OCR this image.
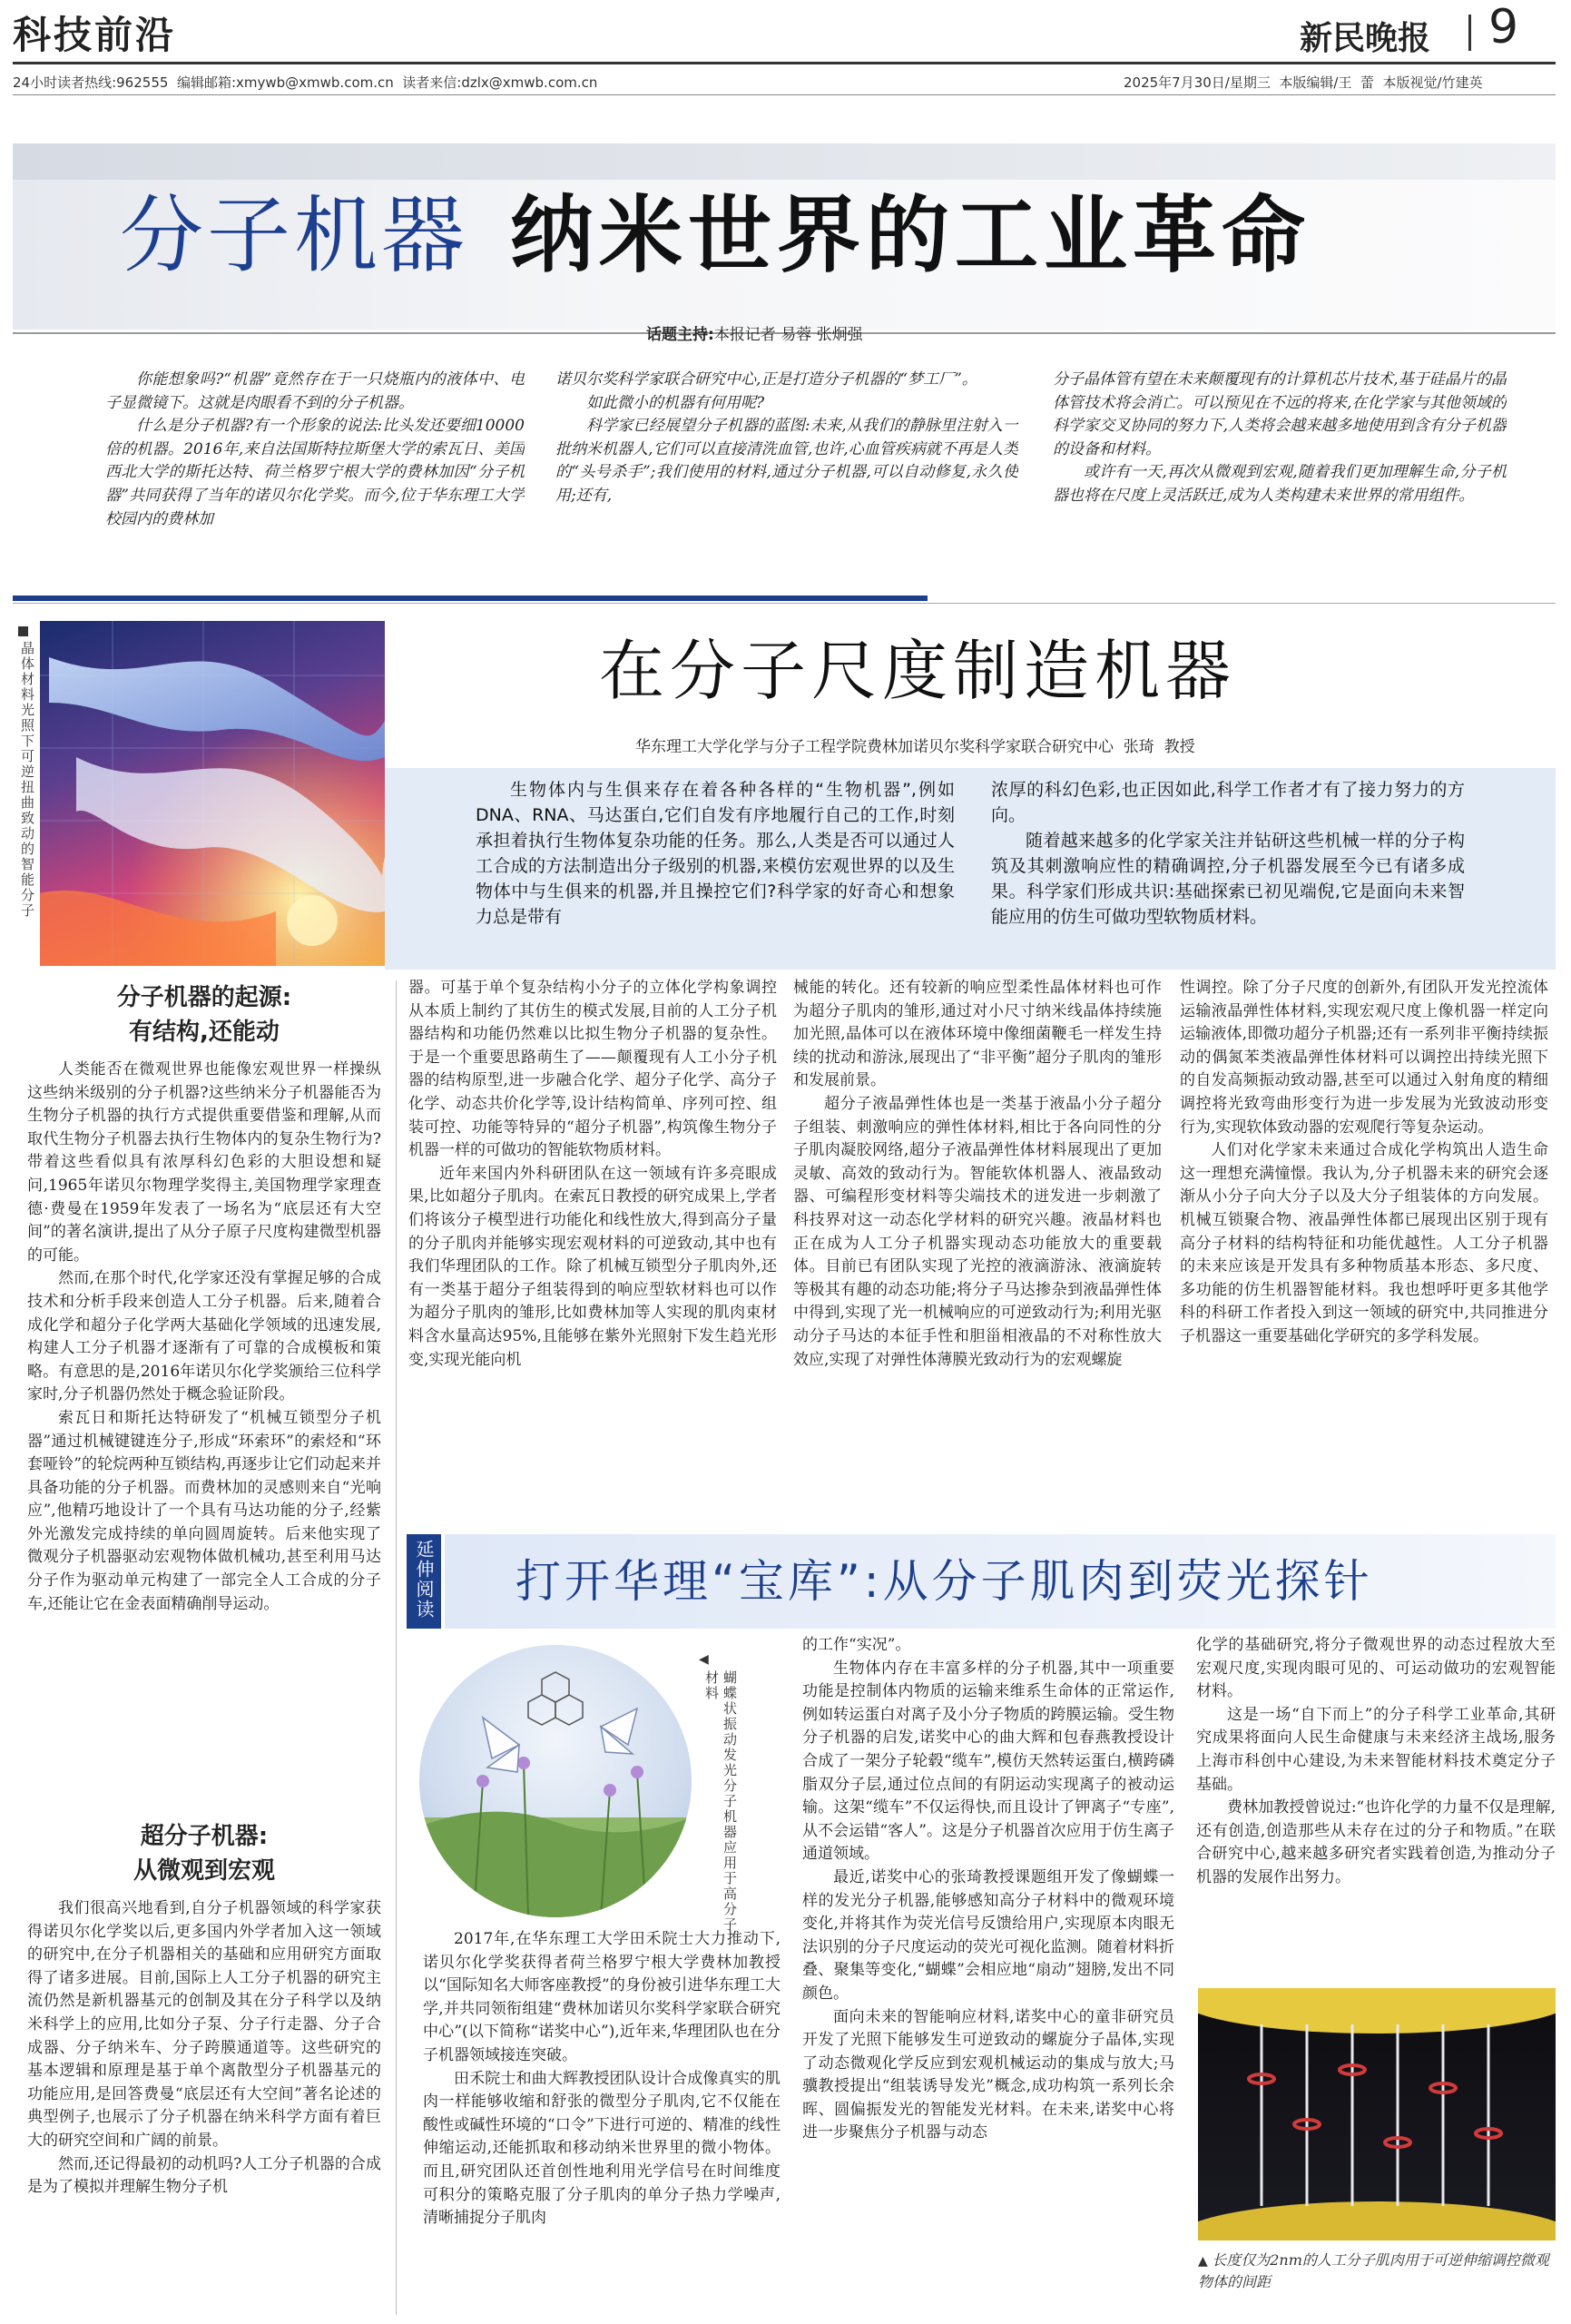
科技前沿	新民晚报 9
24小时读者热线:962555  编辑邮箱:xmywb@xmwb.com.cn  读者来信:dzlx@xmwb.com.cn	2025年7月30日/星期三  本版编辑/王  蕾  本版视觉/竹建英
分子机器 纳米世界的工业革命
话题主持:本报记者 易蓉 张炯强

你能想象吗?“机器”竟然存在于一只烧瓶内的液体中、电子显微镜下。这就是肉眼看不到的分子机器。

什么是分子机器?有一个形象的说法:比头发还要细10000倍的机器。2016年,来自法国斯特拉斯堡大学的索瓦日、美国西北大学的斯托达特、荷兰格罗宁根大学的费林加因“分子机器”共同获得了当年的诺贝尔化学奖。而今,位于华东理工大学校园内的费林加

诺贝尔奖科学家联合研究中心,正是打造分子机器的“梦工厂”。

如此微小的机器有何用呢?

科学家已经展望分子机器的蓝图:未来,从我们的静脉里注射入一批纳米机器人,它们可以直接清洗血管,也许,心血管疾病就不再是人类的“头号杀手”;我们使用的材料,通过分子机器,可以自动修复,永久使用;还有,

分子晶体管有望在未来颠覆现有的计算机芯片技术,基于硅晶片的晶体管技术将会消亡。可以预见在不远的将来,在化学家与其他领域的科学家交叉协同的努力下,人类将会越来越多地使用到含有分子机器的设备和材料。

或许有一天,再次从微观到宏观,随着我们更加理解生命,分子机器也将在尺度上灵活跃迁,成为人类构建未来世界的常用组件。

晶体材料光照下可逆扭曲致动的智能分子	在分子尺度制造机器
华东理工大学化学与分子工程学院费林加诺贝尔奖科学家联合研究中心  张琦  教授

生物体内与生俱来存在着各种各样的“生物机器”,例如DNA、RNA、马达蛋白,它们自发有序地履行自己的工作,时刻承担着执行生物体复杂功能的任务。那么,人类是否可以通过人工合成的方法制造出分子级别的机器,来模仿宏观世界的以及生物体中与生俱来的机器,并且操控它们?科学家的好奇心和想象力总是带有

浓厚的科幻色彩,也正因如此,科学工作者才有了接力努力的方向。

随着越来越多的化学家关注并钻研这些机械一样的分子构筑及其刺激响应性的精确调控,分子机器发展至今已有诸多成果。科学家们形成共识:基础探索已初见端倪,它是面向未来智能应用的仿生可做功型软物质材料。

分子机器的起源:
有结构,还能动

人类能否在微观世界也能像宏观世界一样操纵这些纳米级别的分子机器?这些纳米分子机器能否为生物分子机器的执行方式提供重要借鉴和理解,从而取代生物分子机器去执行生物体内的复杂生物行为?带着这些看似具有浓厚科幻色彩的大胆设想和疑问,1965年诺贝尔物理学奖得主,美国物理学家理查德·费曼在1959年发表了一场名为“底层还有大空间”的著名演讲,提出了从分子原子尺度构建微型机器的可能。

然而,在那个时代,化学家还没有掌握足够的合成技术和分析手段来创造人工分子机器。后来,随着合成化学和超分子化学两大基础化学领域的迅速发展,构建人工分子机器才逐渐有了可靠的合成模板和策略。有意思的是,2016年诺贝尔化学奖颁给三位科学家时,分子机器仍然处于概念验证阶段。

索瓦日和斯托达特研发了“机械互锁型分子机器”通过机械键键连分子,形成“环索环”的索烃和“环套哑铃”的轮烷两种互锁结构,再逐步让它们动起来并具备功能的分子机器。而费林加的灵感则来自“光响应”,他精巧地设计了一个具有马达功能的分子,经紫外光激发完成持续的单向圆周旋转。后来他实现了微观分子机器驱动宏观物体做机械功,甚至利用马达分子作为驱动单元构建了一部完全人工合成的分子车,还能让它在金表面精确削导运动。

超分子机器:
从微观到宏观

我们很高兴地看到,自分子机器领域的科学家获得诺贝尔化学奖以后,更多国内外学者加入这一领域的研究中,在分子机器相关的基础和应用研究方面取得了诸多进展。目前,国际上人工分子机器的研究主流仍然是新机器基元的创制及其在分子科学以及纳米科学上的应用,比如分子泵、分子行走器、分子合成器、分子纳米车、分子跨膜通道等。这些研究的基本逻辑和原理是基于单个离散型分子机器基元的功能应用,是回答费曼“底层还有大空间”著名论述的典型例子,也展示了分子机器在纳米科学方面有着巨大的研究空间和广阔的前景。

然而,还记得最初的动机吗?人工分子机器的合成是为了模拟并理解生物分子机

器。可基于单个复杂结构小分子的立体化学构象调控从本质上制约了其仿生的模式发展,目前的人工分子机器结构和功能仍然难以比拟生物分子机器的复杂性。于是一个重要思路萌生了——颠覆现有人工小分子机器的结构原型,进一步融合化学、超分子化学、高分子化学、动态共价化学等,设计结构简单、序列可控、组装可控、功能等特异的“超分子机器”,构筑像生物分子机器一样的可做功的智能软物质材料。

近年来国内外科研团队在这一领域有许多亮眼成果,比如超分子肌肉。在索瓦日教授的研究成果上,学者们将该分子模型进行功能化和线性放大,得到高分子量的分子肌肉并能够实现宏观材料的可逆致动,其中也有我们华理团队的工作。除了机械互锁型分子肌肉外,还有一类基于超分子组装得到的响应型软材料也可以作为超分子肌肉的雏形,比如费林加等人实现的肌肉束材料含水量高达95%,且能够在紫外光照射下发生趋光形变,实现光能向机

械能的转化。还有较新的响应型柔性晶体材料也可作为超分子肌肉的雏形,通过对小尺寸纳米线晶体持续施加光照,晶体可以在液体环境中像细菌鞭毛一样发生持续的扰动和游泳,展现出了“非平衡”超分子肌肉的雏形和发展前景。

超分子液晶弹性体也是一类基于液晶小分子超分子组装、刺激响应的弹性体材料,相比于各向同性的分子肌肉凝胶网络,超分子液晶弹性体材料展现出了更加灵敏、高效的致动行为。智能软体机器人、液晶致动器、可编程形变材料等尖端技术的迸发进一步刺激了科技界对这一动态化学材料的研究兴趣。液晶材料也正在成为人工分子机器实现动态功能放大的重要载体。目前已有团队实现了光控的液滴游泳、液滴旋转等极其有趣的动态功能;将分子马达掺杂到液晶弹性体中得到,实现了光一机械响应的可逆致动行为;利用光驱动分子马达的本征手性和胆甾相液晶的不对称性放大效应,实现了对弹性体薄膜光致动行为的宏观螺旋

性调控。除了分子尺度的创新外,有团队开发光控流体运输液晶弹性体材料,实现宏观尺度上像机器一样定向运输液体,即微功超分子机器;还有一系列非平衡持续振动的偶氮苯类液晶弹性体材料可以调控出持续光照下的自发高频振动致动器,甚至可以通过入射角度的精细调控将光致弯曲形变行为进一步发展为光致波动形变行为,实现软体致动器的宏观爬行等复杂运动。

人们对化学家未来通过合成化学构筑出人造生命这一理想充满憧憬。我认为,分子机器未来的研究会逐渐从小分子向大分子以及大分子组装体的方向发展。机械互锁聚合物、液晶弹性体都已展现出区别于现有高分子材料的结构特征和功能优越性。人工分子机器的未来应该是开发具有多种物质基本形态、多尺度、多功能的仿生机器智能材料。我也想呼吁更多其他学科的科研工作者投入到这一领域的研究中,共同推进分子机器这一重要基础化学研究的多学科发展。

延伸阅读 打开华理“宝库”:从分子肌肉到荧光探针
◀
蝴蝶状振动发光分子机器应用于高分子材料

2017年,在华东理工大学田禾院士大力推动下,诺贝尔化学奖获得者荷兰格罗宁根大学费林加教授以“国际知名大师客座教授”的身份被引进华东理工大学,并共同领衔组建“费林加诺贝尔奖科学家联合研究中心”(以下简称“诺奖中心”),近年来,华理团队也在分子机器领域接连突破。

田禾院士和曲大辉教授团队设计合成像真实的肌肉一样能够收缩和舒张的微型分子肌肉,它不仅能在酸性或碱性环境的“口令”下进行可逆的、精准的线性伸缩运动,还能抓取和移动纳米世界里的微小物体。而且,研究团队还首创性地利用光学信号在时间维度可积分的策略克服了分子肌肉的单分子热力学噪声,清晰捕捉分子肌肉

的工作“实况”。

生物体内存在丰富多样的分子机器,其中一项重要功能是控制体内物质的运输来维系生命体的正常运作,例如转运蛋白对离子及小分子物质的跨膜运输。受生物分子机器的启发,诺奖中心的曲大辉和包春燕教授设计合成了一架分子轮毂“缆车”,模仿天然转运蛋白,横跨磷脂双分子层,通过位点间的有阴运动实现离子的被动运输。这架“缆车”不仅运得快,而且设计了钾离子“专座”,从不会运错“客人”。这是分子机器首次应用于仿生离子通道领域。

最近,诺奖中心的张琦教授课题组开发了像蝴蝶一样的发光分子机器,能够感知高分子材料中的微观环境变化,并将其作为荧光信号反馈给用户,实现原本肉眼无法识别的分子尺度运动的荧光可视化监测。随着材料折叠、聚集等变化,“蝴蝶”会相应地“扇动”翅膀,发出不同颜色。

面向未来的智能响应材料,诺奖中心的童非研究员开发了光照下能够发生可逆致动的螺旋分子晶体,实现了动态微观化学反应到宏观机械运动的集成与放大;马骥教授提出“组装诱导发光”概念,成功构筑一系列长余晖、圆偏振发光的智能发光材料。在未来,诺奖中心将进一步聚焦分子机器与动态

化学的基础研究,将分子微观世界的动态过程放大至宏观尺度,实现肉眼可见的、可运动做功的宏观智能材料。

这是一场“自下而上”的分子科学工业革命,其研究成果将面向人民生命健康与未来经济主战场,服务上海市科创中心建设,为未来智能材料技术奠定分子基础。

费林加教授曾说过:“也许化学的力量不仅是理解,还有创造,创造那些从未存在过的分子和物质。”在联合研究中心,越来越多研究者实践着创造,为推动分子机器的发展作出努力。

▲ 长度仅为2nm的人工分子肌肉用于可逆伸缩调控微观物体的间距
